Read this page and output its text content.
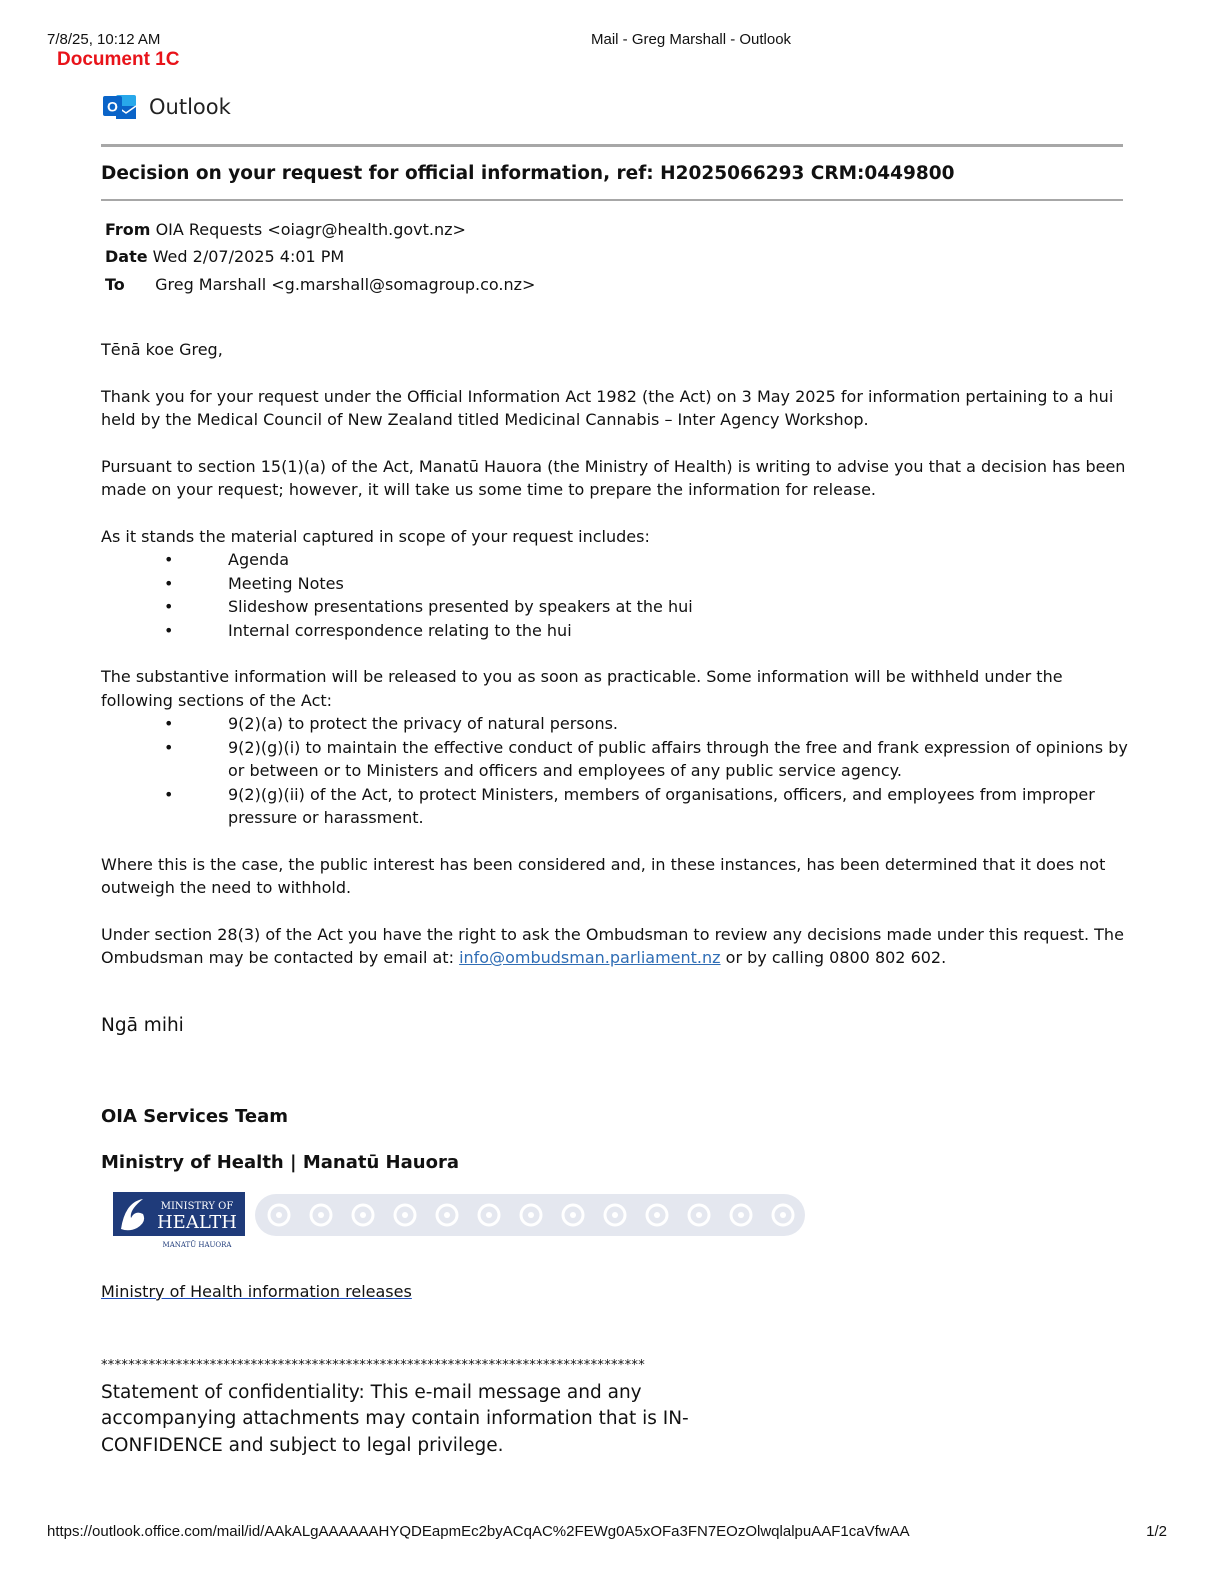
7/8/25, 10:12 AM	Mail - Greg Marshall - Outlook
Document 1C
O Outlook
Decision on your request for official information, ref: H2025066293 CRM:0449800
From OIA Requests <oiagr@health.govt.nz>
Date Wed 2/07/2025 4:01 PM
To Greg Marshall <g.marshall@somagroup.co.nz>

Tēnā koe Greg,

Thank you for your request under the Official Information Act 1982 (the Act) on 3 May 2025 for information pertaining to a hui held by the Medical Council of New Zealand titled Medicinal Cannabis – Inter Agency Workshop.

Pursuant to section 15(1)(a) of the Act, Manatū Hauora (the Ministry of Health) is writing to advise you that a decision has been made on your request; however, it will take us some time to prepare the information for release.

As it stands the material captured in scope of your request includes:

•	Agenda
•	Meeting Notes
•	Slideshow presentations presented by speakers at the hui
•	Internal correspondence relating to the hui

The substantive information will be released to you as soon as practicable. Some information will be withheld under the following sections of the Act:

•	9(2)(a) to protect the privacy of natural persons.
•	9(2)(g)(i) to maintain the effective conduct of public affairs through the free and frank expression of opinions by or between or to Ministers and officers and employees of any public service agency.
•	9(2)(g)(ii) of the Act, to protect Ministers, members of organisations, officers, and employees from improper pressure or harassment.

Where this is the case, the public interest has been considered and, in these instances, has been determined that it does not outweigh the need to withhold.

Under section 28(3) of the Act you have the right to ask the Ombudsman to review any decisions made under this request. The Ombudsman may be contacted by email at: info@ombudsman.parliament.nz or by calling 0800 802 602.

Ngā mihi

OIA Services Team

Ministry of Health | Manatū Hauora

MINISTRY OF
HEALTH
MANATŪ HAUORA

Ministry of Health information releases

********************************************************************************

Statement of confidentiality: This e-mail message and any accompanying attachments may contain information that is IN-CONFIDENCE and subject to legal privilege.

https://outlook.office.com/mail/id/AAkALgAAAAAAHYQDEapmEc2byACqAC%2FEWg0A5xOFa3FN7EOzOlwqlalpuAAF1caVfwAA	1/2
